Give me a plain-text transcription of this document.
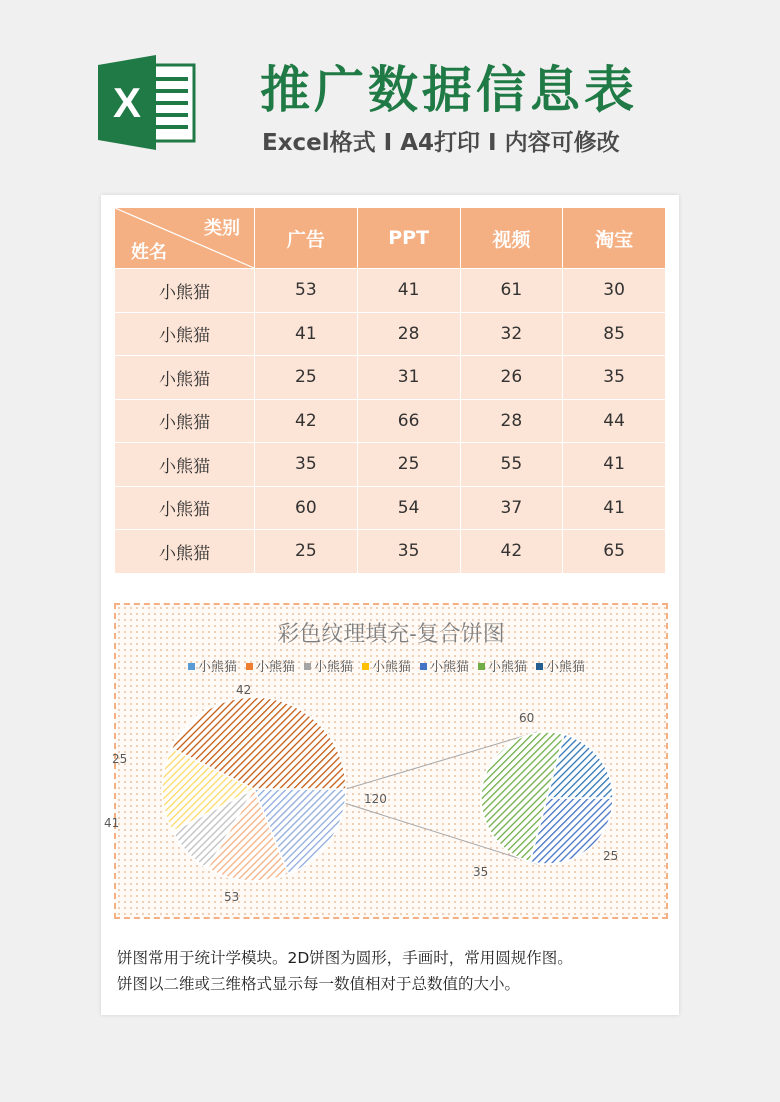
X 推广数据信息表
Excel格式 Ⅰ A4打印 Ⅰ 内容可修改
类别
姓名	广告	PPT	视频	淘宝
小熊猫	53	41	61	30
小熊猫	41	28	32	85
小熊猫	25	31	26	35
小熊猫	42	66	28	44
小熊猫	35	25	55	41
小熊猫	60	54	37	41
小熊猫	25	35	42	65
彩色纹理填充-复合饼图
小熊猫 小熊猫 小熊猫 小熊猫 小熊猫 小熊猫 小熊猫
53
41
25
42
120
35
60
25
饼图常用于统计学模块。2D饼图为圆形，手画时，常用圆规作图。
饼图以二维或三维格式显示每一数值相对于总数值的大小。
